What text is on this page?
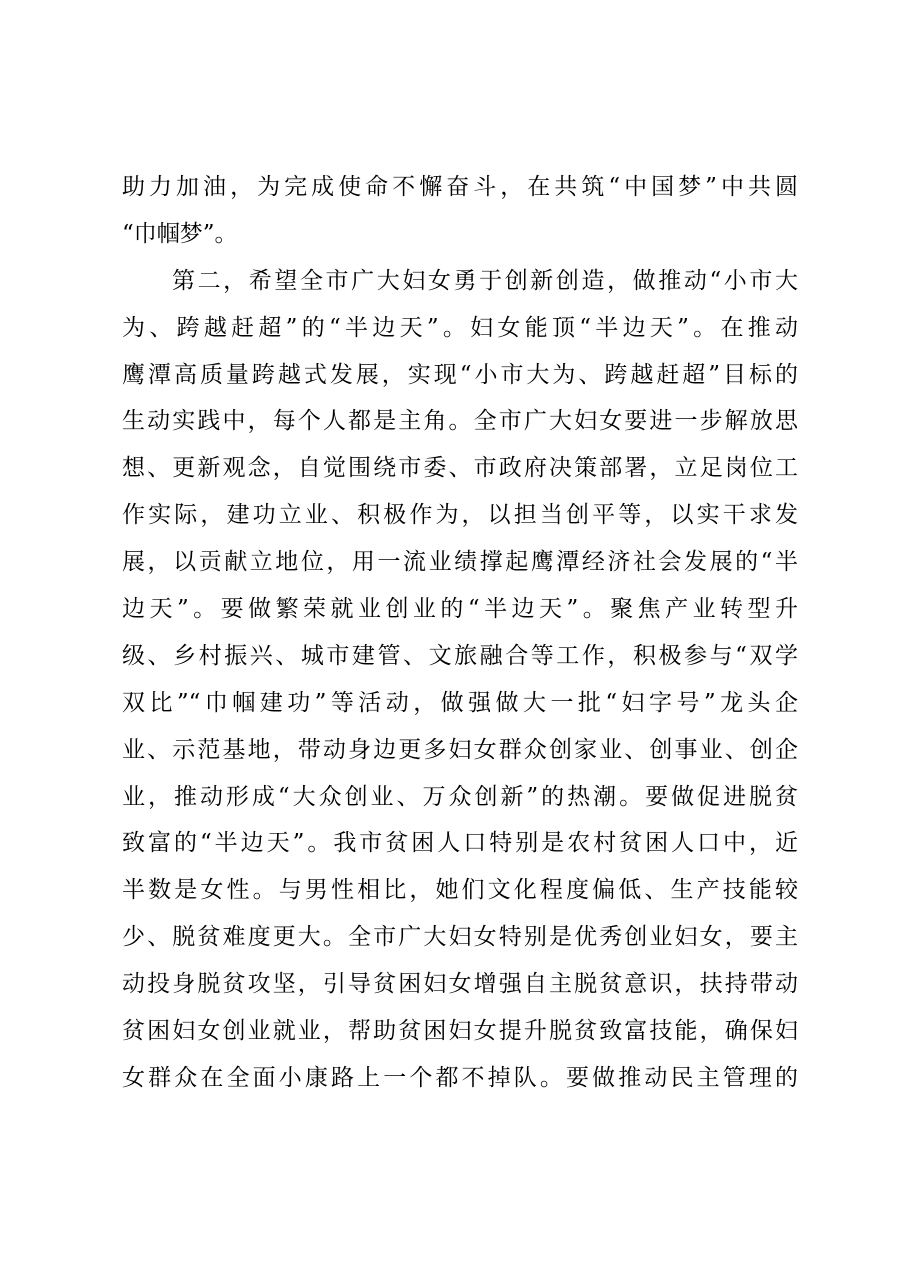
助力加油，为完成使命不懈奋斗，在共筑“中国梦”中共圆
“巾帼梦”。
第二，希望全市广大妇女勇于创新创造，做推动“小市大
为、跨越赶超”的“半边天”。妇女能顶“半边天”。在推动
鹰潭高质量跨越式发展，实现“小市大为、跨越赶超”目标的
生动实践中，每个人都是主角。全市广大妇女要进一步解放思
想、更新观念，自觉围绕市委、市政府决策部署，立足岗位工
作实际，建功立业、积极作为，以担当创平等，以实干求发
展，以贡献立地位，用一流业绩撑起鹰潭经济社会发展的“半
边天”。要做繁荣就业创业的“半边天”。聚焦产业转型升
级、乡村振兴、城市建管、文旅融合等工作，积极参与“双学
双比”“巾帼建功”等活动，做强做大一批“妇字号”龙头企
业、示范基地，带动身边更多妇女群众创家业、创事业、创企
业，推动形成“大众创业、万众创新”的热潮。要做促进脱贫
致富的“半边天”。我市贫困人口特别是农村贫困人口中，近
半数是女性。与男性相比，她们文化程度偏低、生产技能较
少、脱贫难度更大。全市广大妇女特别是优秀创业妇女，要主
动投身脱贫攻坚，引导贫困妇女增强自主脱贫意识，扶持带动
贫困妇女创业就业，帮助贫困妇女提升脱贫致富技能，确保妇
女群众在全面小康路上一个都不掉队。要做推动民主管理的
